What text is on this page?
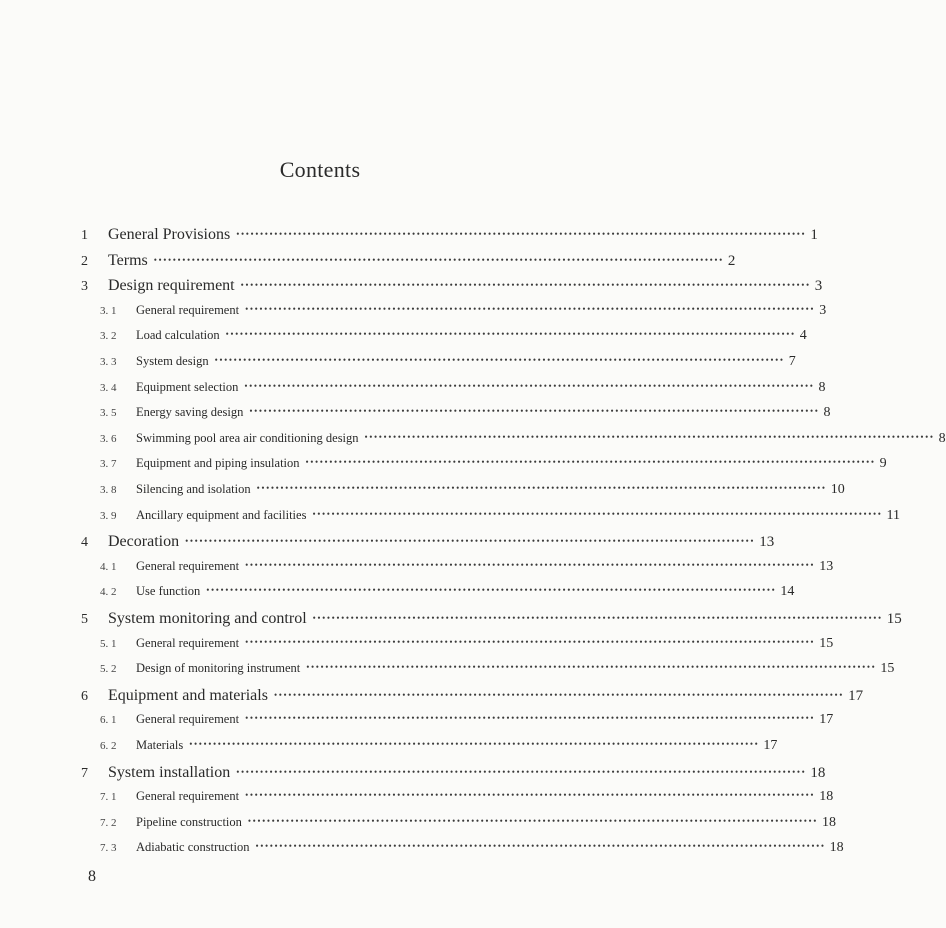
Contents
1	General Provisions •••••••••••••••••••••••••••••••••••••••••••••••••••••••••••••••••••••••••••••••••••••••••••••••••••••••••••••••••••••••• 1
2	Terms •••••••••••••••••••••••••••••••••••••••••••••••••••••••••••••••••••••••••••••••••••••••••••••••••••••••••••••••••••••••• 2
3	Design requirement •••••••••••••••••••••••••••••••••••••••••••••••••••••••••••••••••••••••••••••••••••••••••••••••••••••••••••••••••••••••• 3
3. 1	General requirement •••••••••••••••••••••••••••••••••••••••••••••••••••••••••••••••••••••••••••••••••••••••••••••••••••••••••••••••••••••••• 3
3. 2	Load calculation •••••••••••••••••••••••••••••••••••••••••••••••••••••••••••••••••••••••••••••••••••••••••••••••••••••••••••••••••••••••• 4
3. 3	System design •••••••••••••••••••••••••••••••••••••••••••••••••••••••••••••••••••••••••••••••••••••••••••••••••••••••••••••••••••••••• 7
3. 4	Equipment selection •••••••••••••••••••••••••••••••••••••••••••••••••••••••••••••••••••••••••••••••••••••••••••••••••••••••••••••••••••••••• 8
3. 5	Energy saving design •••••••••••••••••••••••••••••••••••••••••••••••••••••••••••••••••••••••••••••••••••••••••••••••••••••••••••••••••••••••• 8
3. 6	Swimming pool area air conditioning design •••••••••••••••••••••••••••••••••••••••••••••••••••••••••••••••••••••••••••••••••••••••••••••••••••••••••••••••••••••••• 8
3. 7	Equipment and piping insulation •••••••••••••••••••••••••••••••••••••••••••••••••••••••••••••••••••••••••••••••••••••••••••••••••••••••••••••••••••••••• 9
3. 8	Silencing and isolation •••••••••••••••••••••••••••••••••••••••••••••••••••••••••••••••••••••••••••••••••••••••••••••••••••••••••••••••••••••••• 10
3. 9	Ancillary equipment and facilities •••••••••••••••••••••••••••••••••••••••••••••••••••••••••••••••••••••••••••••••••••••••••••••••••••••••••••••••••••••••• 11
4	Decoration •••••••••••••••••••••••••••••••••••••••••••••••••••••••••••••••••••••••••••••••••••••••••••••••••••••••••••••••••••••••• 13
4. 1	General requirement •••••••••••••••••••••••••••••••••••••••••••••••••••••••••••••••••••••••••••••••••••••••••••••••••••••••••••••••••••••••• 13
4. 2	Use function •••••••••••••••••••••••••••••••••••••••••••••••••••••••••••••••••••••••••••••••••••••••••••••••••••••••••••••••••••••••• 14
5	System monitoring and control •••••••••••••••••••••••••••••••••••••••••••••••••••••••••••••••••••••••••••••••••••••••••••••••••••••••••••••••••••••••• 15
5. 1	General requirement •••••••••••••••••••••••••••••••••••••••••••••••••••••••••••••••••••••••••••••••••••••••••••••••••••••••••••••••••••••••• 15
5. 2	Design of monitoring instrument •••••••••••••••••••••••••••••••••••••••••••••••••••••••••••••••••••••••••••••••••••••••••••••••••••••••••••••••••••••••• 15
6	Equipment and materials •••••••••••••••••••••••••••••••••••••••••••••••••••••••••••••••••••••••••••••••••••••••••••••••••••••••••••••••••••••••• 17
6. 1	General requirement •••••••••••••••••••••••••••••••••••••••••••••••••••••••••••••••••••••••••••••••••••••••••••••••••••••••••••••••••••••••• 17
6. 2	Materials •••••••••••••••••••••••••••••••••••••••••••••••••••••••••••••••••••••••••••••••••••••••••••••••••••••••••••••••••••••••• 17
7	System installation •••••••••••••••••••••••••••••••••••••••••••••••••••••••••••••••••••••••••••••••••••••••••••••••••••••••••••••••••••••••• 18
7. 1	General requirement •••••••••••••••••••••••••••••••••••••••••••••••••••••••••••••••••••••••••••••••••••••••••••••••••••••••••••••••••••••••• 18
7. 2	Pipeline construction •••••••••••••••••••••••••••••••••••••••••••••••••••••••••••••••••••••••••••••••••••••••••••••••••••••••••••••••••••••••• 18
7. 3	Adiabatic construction •••••••••••••••••••••••••••••••••••••••••••••••••••••••••••••••••••••••••••••••••••••••••••••••••••••••••••••••••••••••• 18
8
